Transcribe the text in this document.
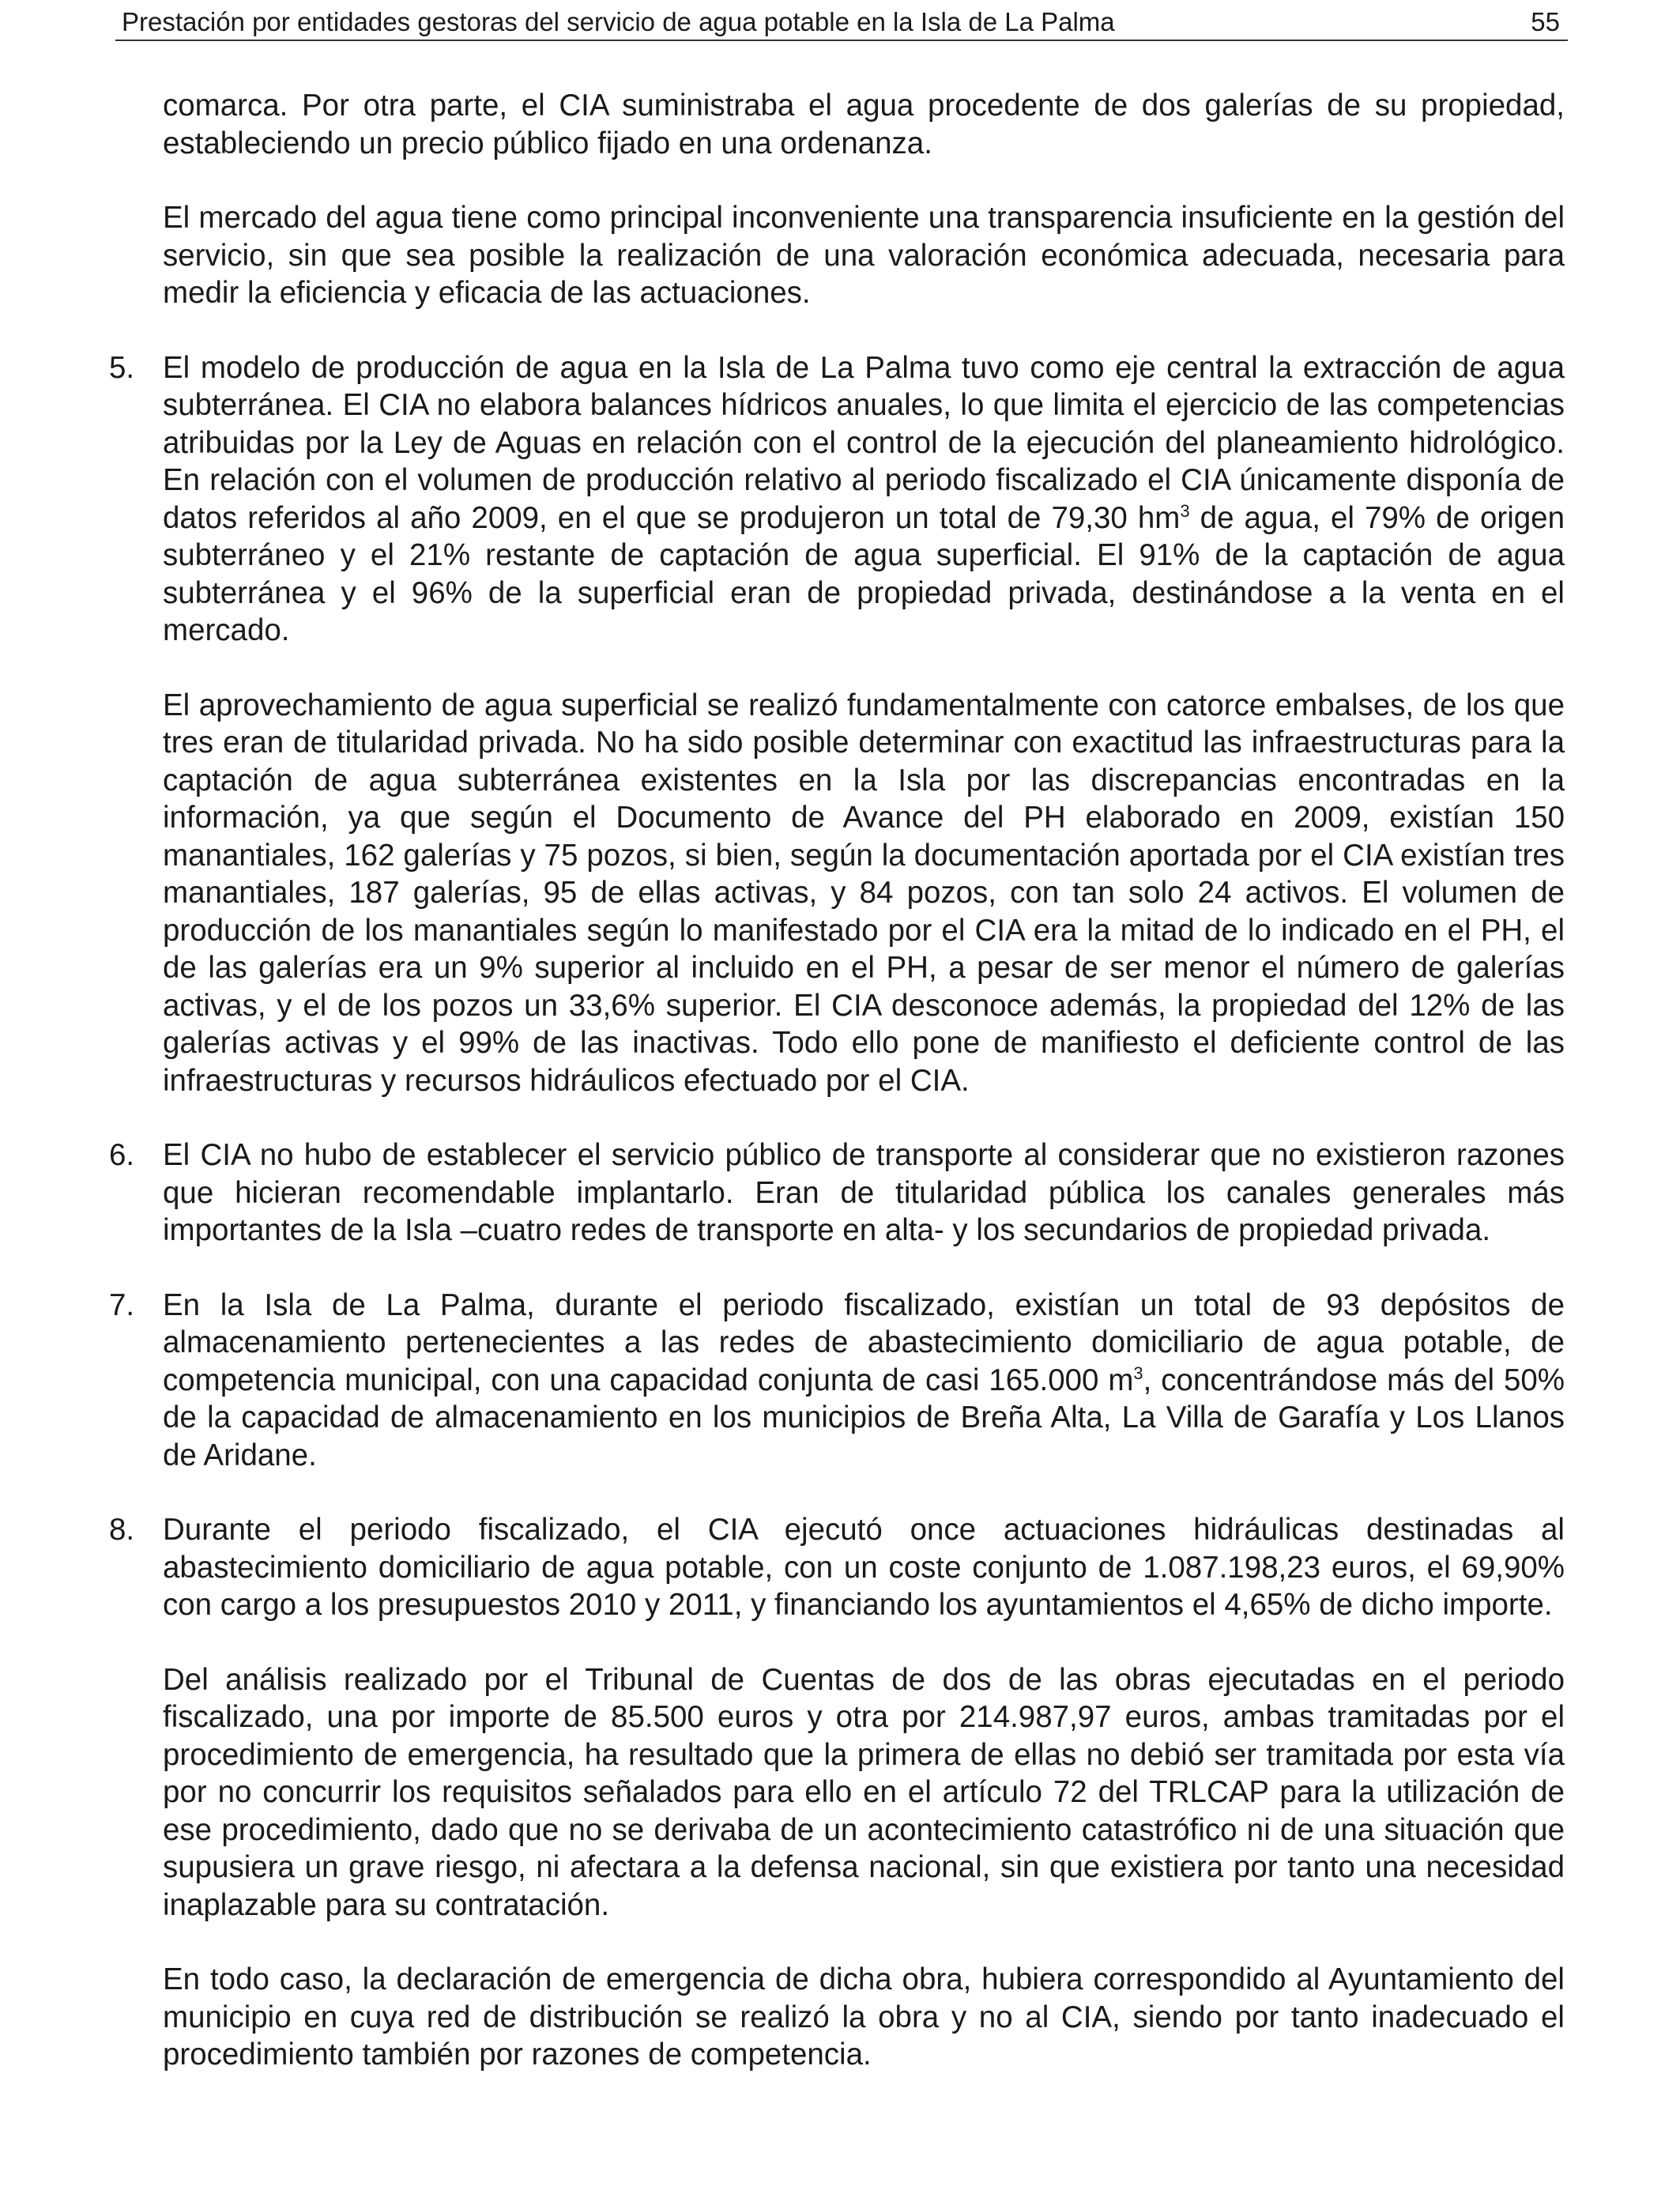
Prestación por entidades gestoras del servicio de agua potable en la Isla de La Palma	55

comarca. Por otra parte, el CIA suministraba el agua procedente de dos galerías de su propiedad, estableciendo un precio público fijado en una ordenanza.

El mercado del agua tiene como principal inconveniente una transparencia insuficiente en la gestión del servicio, sin que sea posible la realización de una valoración económica adecuada, necesaria para medir la eficiencia y eficacia de las actuaciones.

5. El modelo de producción de agua en la Isla de La Palma tuvo como eje central la extracción de agua subterránea. El CIA no elabora balances hídricos anuales, lo que limita el ejercicio de las competencias atribuidas por la Ley de Aguas en relación con el control de la ejecución del planeamiento hidrológico. En relación con el volumen de producción relativo al periodo fiscalizado el CIA únicamente disponía de datos referidos al año 2009, en el que se produjeron un total de 79,30 $hm^3$ de agua, el 79% de origen subterráneo y el 21% restante de captación de agua superficial. El 91% de la captación de agua subterránea y el 96% de la superficial eran de propiedad privada, destinándose a la venta en el mercado.

El aprovechamiento de agua superficial se realizó fundamentalmente con catorce embalses, de los que tres eran de titularidad privada. No ha sido posible determinar con exactitud las infraestructuras para la captación de agua subterránea existentes en la Isla por las discrepancias encontradas en la información, ya que según el Documento de Avance del PH elaborado en 2009, existían 150 manantiales, 162 galerías y 75 pozos, si bien, según la documentación aportada por el CIA existían tres manantiales, 187 galerías, 95 de ellas activas, y 84 pozos, con tan solo 24 activos. El volumen de producción de los manantiales según lo manifestado por el CIA era la mitad de lo indicado en el PH, el de las galerías era un 9% superior al incluido en el PH, a pesar de ser menor el número de galerías activas, y el de los pozos un 33,6% superior. El CIA desconoce además, la propiedad del 12% de las galerías activas y el 99% de las inactivas. Todo ello pone de manifiesto el deficiente control de las infraestructuras y recursos hidráulicos efectuado por el CIA.

6. El CIA no hubo de establecer el servicio público de transporte al considerar que no existieron razones que hicieran recomendable implantarlo. Eran de titularidad pública los canales generales más importantes de la Isla –cuatro redes de transporte en alta- y los secundarios de propiedad privada.

7. En la Isla de La Palma, durante el periodo fiscalizado, existían un total de 93 depósitos de almacenamiento pertenecientes a las redes de abastecimiento domiciliario de agua potable, de competencia municipal, con una capacidad conjunta de casi 165.000 $m^3$, concentrándose más del 50% de la capacidad de almacenamiento en los municipios de Breña Alta, La Villa de Garafía y Los Llanos de Aridane.

8. Durante el periodo fiscalizado, el CIA ejecutó once actuaciones hidráulicas destinadas al abastecimiento domiciliario de agua potable, con un coste conjunto de 1.087.198,23 euros, el 69,90% con cargo a los presupuestos 2010 y 2011, y financiando los ayuntamientos el 4,65% de dicho importe.

Del análisis realizado por el Tribunal de Cuentas de dos de las obras ejecutadas en el periodo fiscalizado, una por importe de 85.500 euros y otra por 214.987,97 euros, ambas tramitadas por el procedimiento de emergencia, ha resultado que la primera de ellas no debió ser tramitada por esta vía por no concurrir los requisitos señalados para ello en el artículo 72 del TRLCAP para la utilización de ese procedimiento, dado que no se derivaba de un acontecimiento catastrófico ni de una situación que supusiera un grave riesgo, ni afectara a la defensa nacional, sin que existiera por tanto una necesidad inaplazable para su contratación.

En todo caso, la declaración de emergencia de dicha obra, hubiera correspondido al Ayuntamiento del municipio en cuya red de distribución se realizó la obra y no al CIA, siendo por tanto inadecuado el procedimiento también por razones de competencia.
